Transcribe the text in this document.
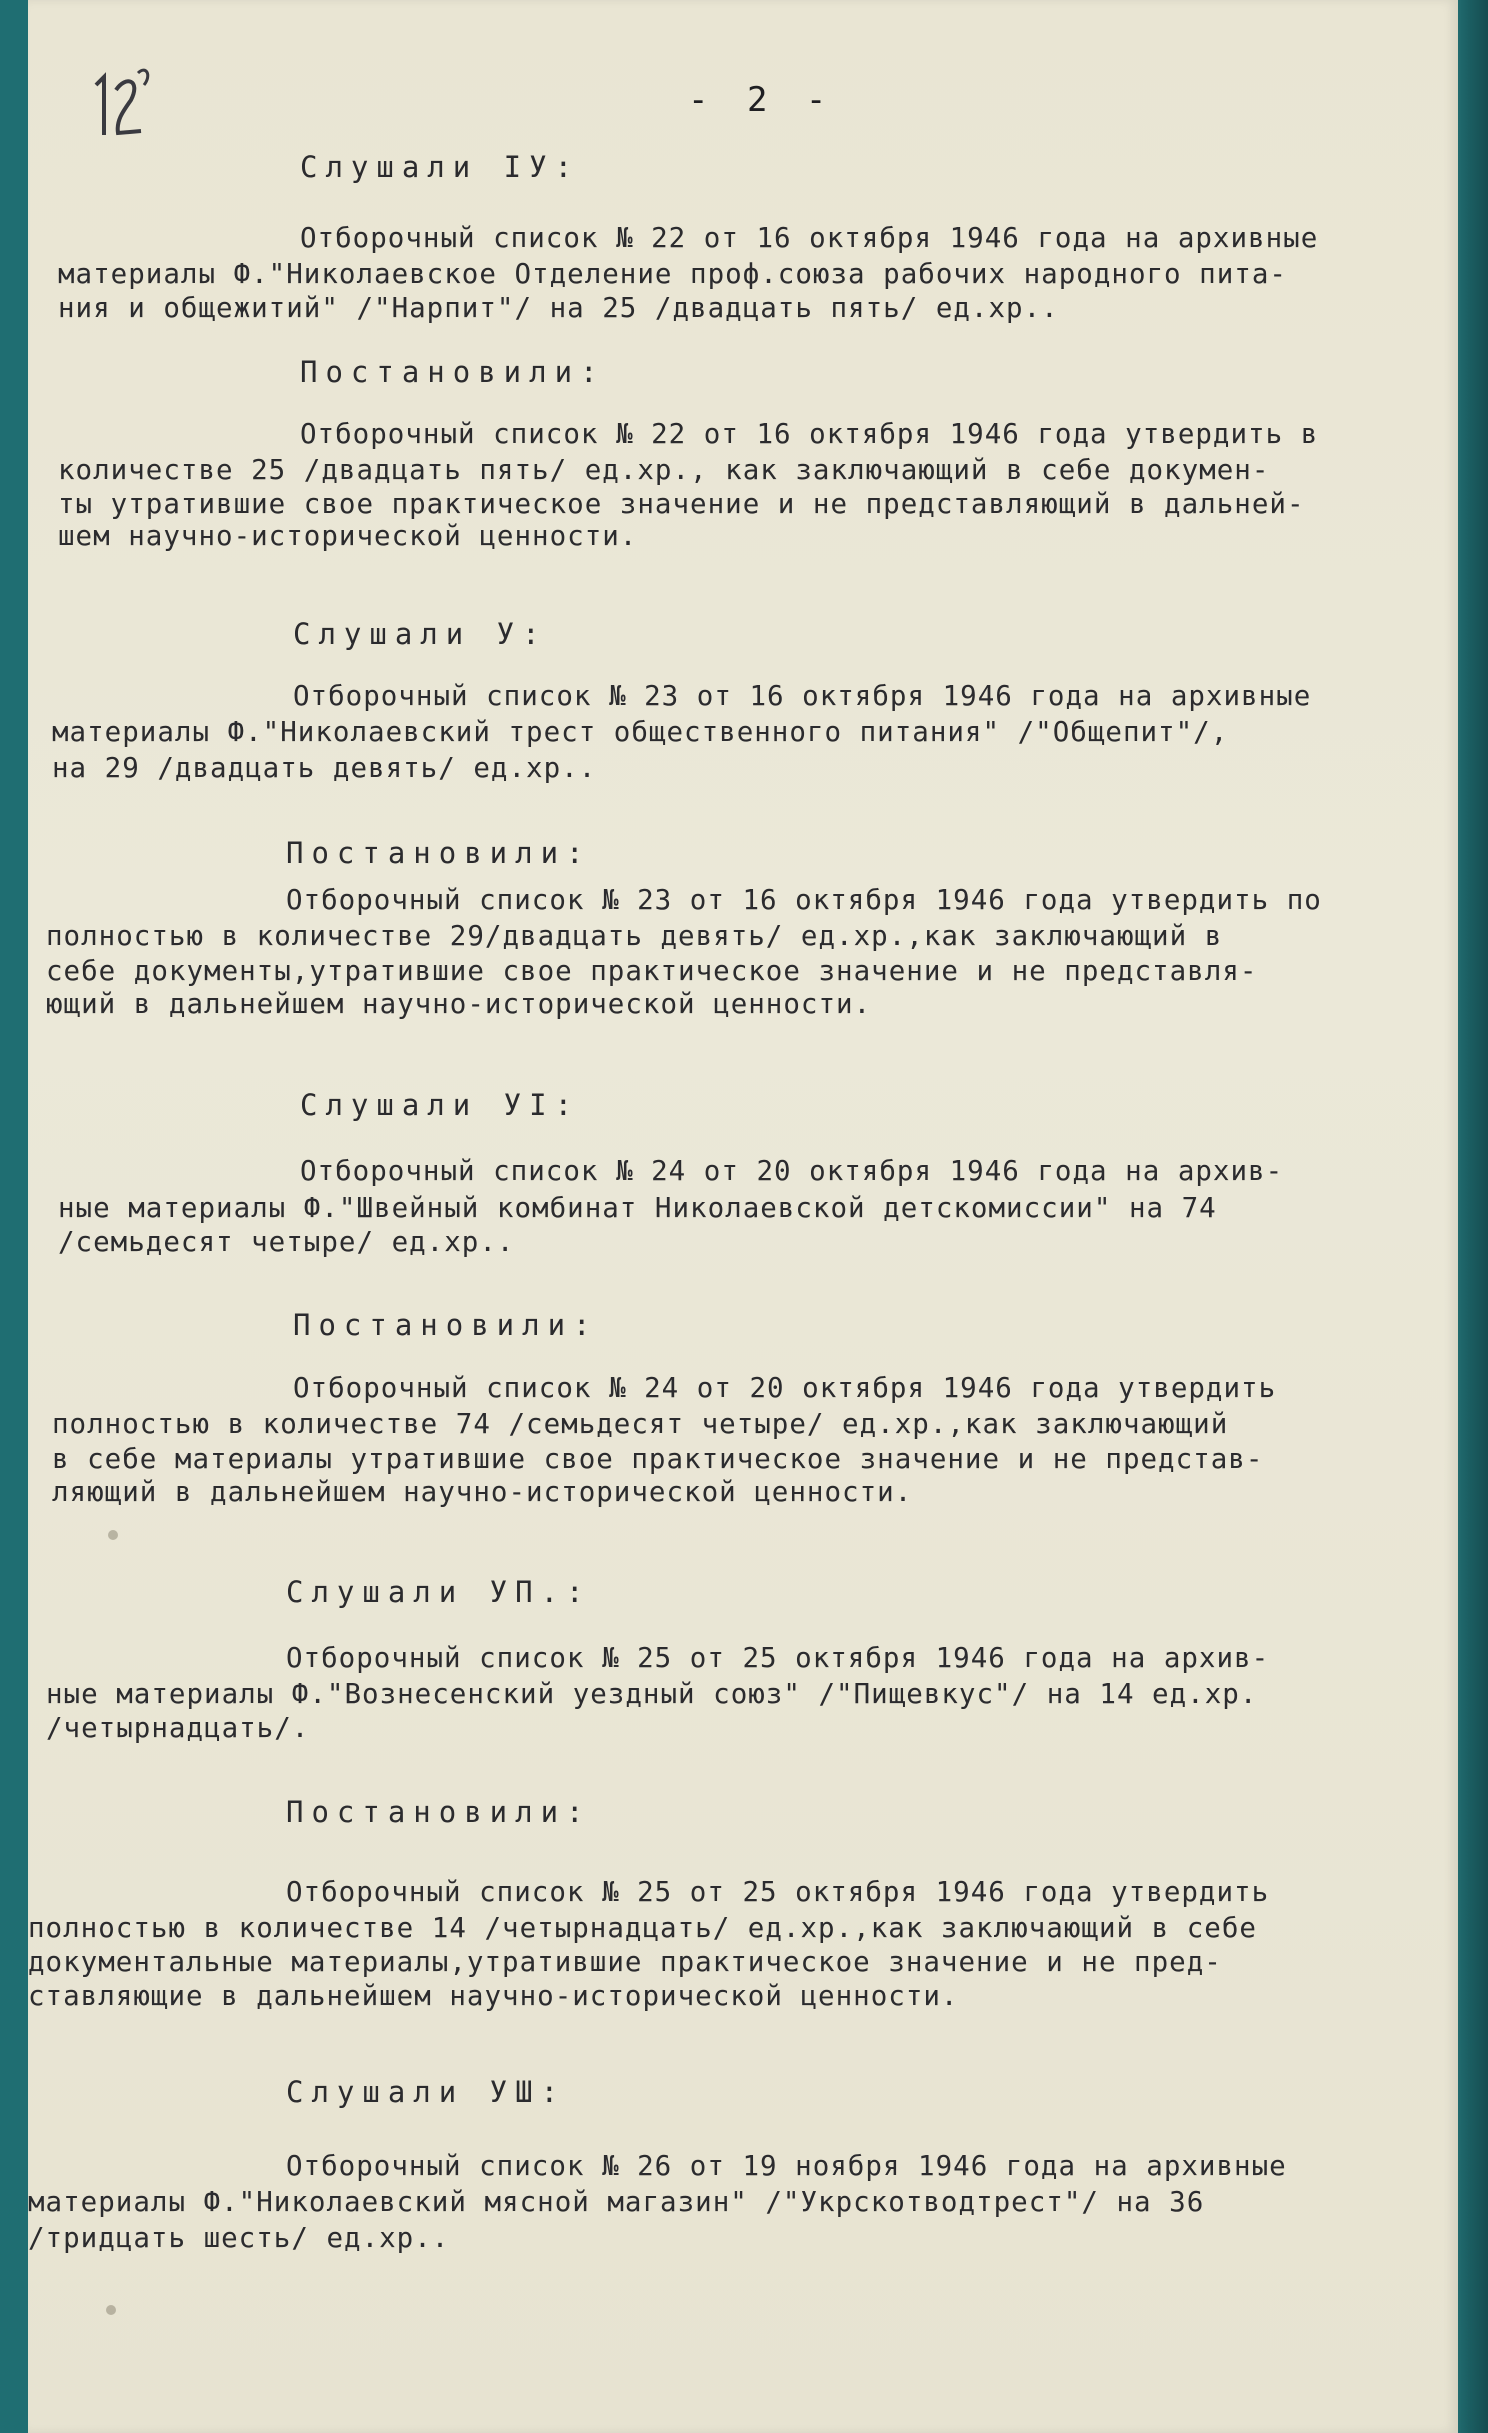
- 2 -
Слушали IУ:
Отборочный список № 22 от 16 октября 1946 года на архивные
материалы Ф."Николаевское Отделение проф.союза рабочих народного пита-
ния и общежитий" /"Нарпит"/ на 25 /двадцать пять/ ед.хр..
Постановили:
Отборочный список № 22 от 16 октября 1946 года утвердить в
количестве 25 /двадцать пять/ ед.хр., как заключающий в себе докумен-
ты утратившие свое практическое значение и не представляющий в дальней-
шем научно-исторической ценности.
Слушали У:
Отборочный список № 23 от 16 октября 1946 года на архивные
материалы Ф."Николаевский трест общественного питания" /"Общепит"/,
на 29 /двадцать девять/ ед.хр..
Постановили:
Отборочный список № 23 от 16 октября 1946 года утвердить по
полностью в количестве 29/двадцать девять/ ед.хр.,как заключающий в
себе документы,утратившие свое практическое значение и не представля-
ющий в дальнейшем научно-исторической ценности.
Слушали УI:
Отборочный список № 24 от 20 октября 1946 года на архив-
ные материалы Ф."Швейный комбинат Николаевской детскомиссии" на 74
/семьдесят четыре/ ед.хр..
Постановили:
Отборочный список № 24 от 20 октября 1946 года утвердить
полностью в количестве 74 /семьдесят четыре/ ед.хр.,как заключающий
в себе материалы утратившие свое практическое значение и не представ-
ляющий в дальнейшем научно-исторической ценности.
Слушали УП.:
Отборочный список № 25 от 25 октября 1946 года на архив-
ные материалы Ф."Вознесенский уездный союз" /"Пищевкус"/ на 14 ед.хр.
/четырнадцать/.
Постановили:
Отборочный список № 25 от 25 октября 1946 года утвердить
полностью в количестве 14 /четырнадцать/ ед.хр.,как заключающий в себе
документальные материалы,утратившие практическое значение и не пред-
ставляющие в дальнейшем научно-исторической ценности.
Слушали УШ:
Отборочный список № 26 от 19 ноября 1946 года на архивные
материалы Ф."Николаевский мясной магазин" /"Укрскотводтрест"/ на 36
/тридцать шесть/ ед.хр..
